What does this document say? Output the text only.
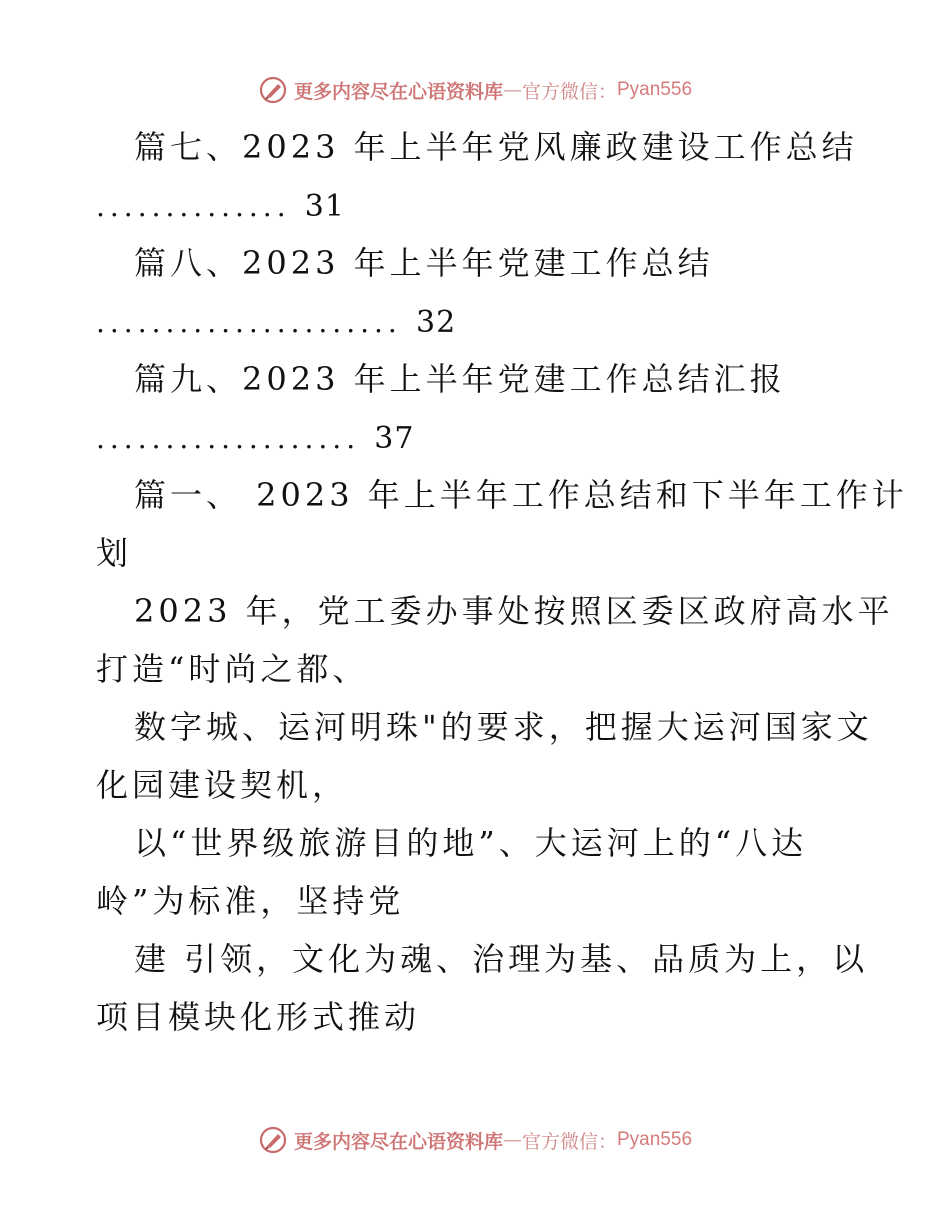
更多内容尽在心语资料库 — 官方微信： Pyan556
篇七、2023 年上半年党风廉政建设工作总结
.............. 31
篇八、2023 年上半年党建工作总结
...................... 32
篇九、2023 年上半年党建工作总结汇报
................... 37
篇一、 2023 年上半年工作总结和下半年工作计
划
2023 年，党工委办事处按照区委区政府高水平
打造“时尚之都、
数字城、运河明珠"的要求，把握大运河国家文
化园建设契机，
以“世界级旅游目的地”、大运河上的“八达
岭”为标准，坚持党
建 引领，文化为魂、治理为基、品质为上，以
项目模块化形式推动
更多内容尽在心语资料库 — 官方微信： Pyan556
